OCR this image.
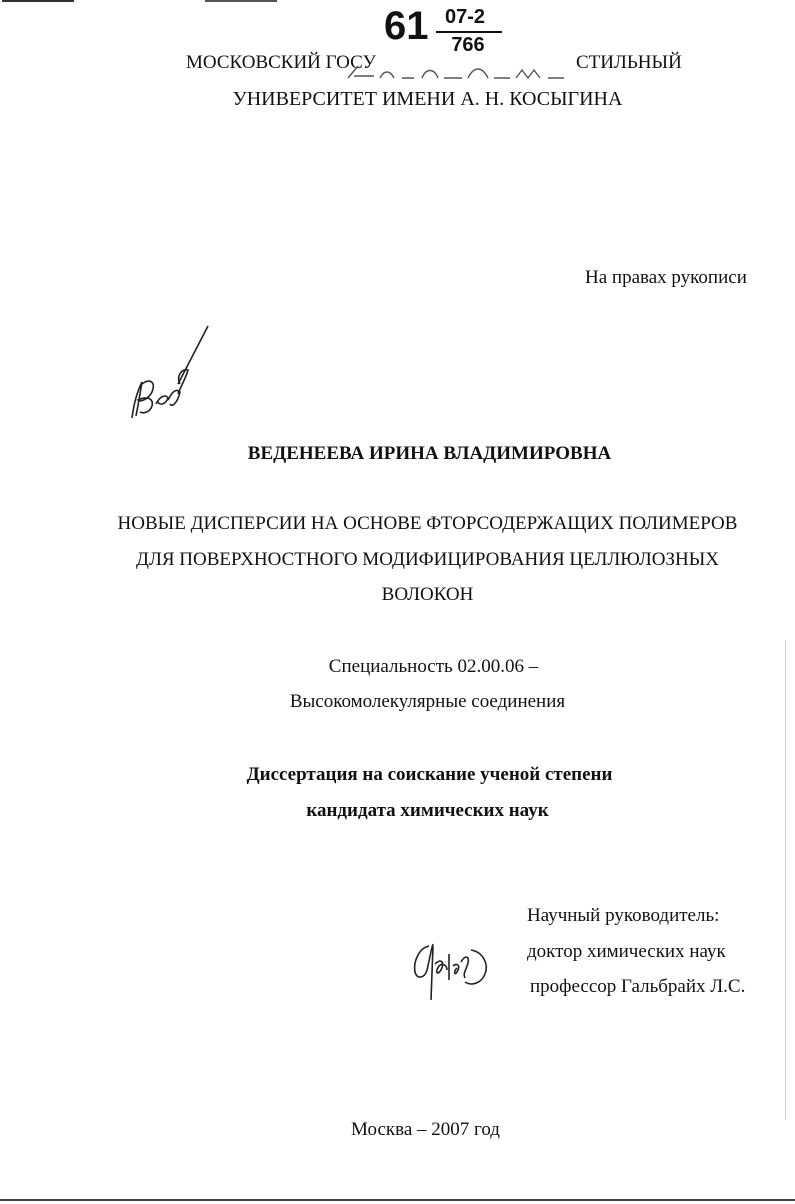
61 07-2
766
МОСКОВСКИЙ ГОСУ	СТИЛЬНЫЙ
УНИВЕРСИТЕТ ИМЕНИ А. Н. КОСЫГИНА
На правах рукописи
ВЕДЕНЕЕВА ИРИНА ВЛАДИМИРОВНА
НОВЫЕ ДИСПЕРСИИ НА ОСНОВЕ ФТОРСОДЕРЖАЩИХ ПОЛИМЕРОВ
ДЛЯ ПОВЕРХНОСТНОГО МОДИФИЦИРОВАНИЯ ЦЕЛЛЮЛОЗНЫХ
ВОЛОКОН
Специальность 02.00.06 –
Высокомолекулярные соединения
Диссертация на соискание ученой степени
кандидата химических наук
Научный руководитель:
доктор химических наук
профессор Гальбрайх Л.С.
Москва – 2007 год
